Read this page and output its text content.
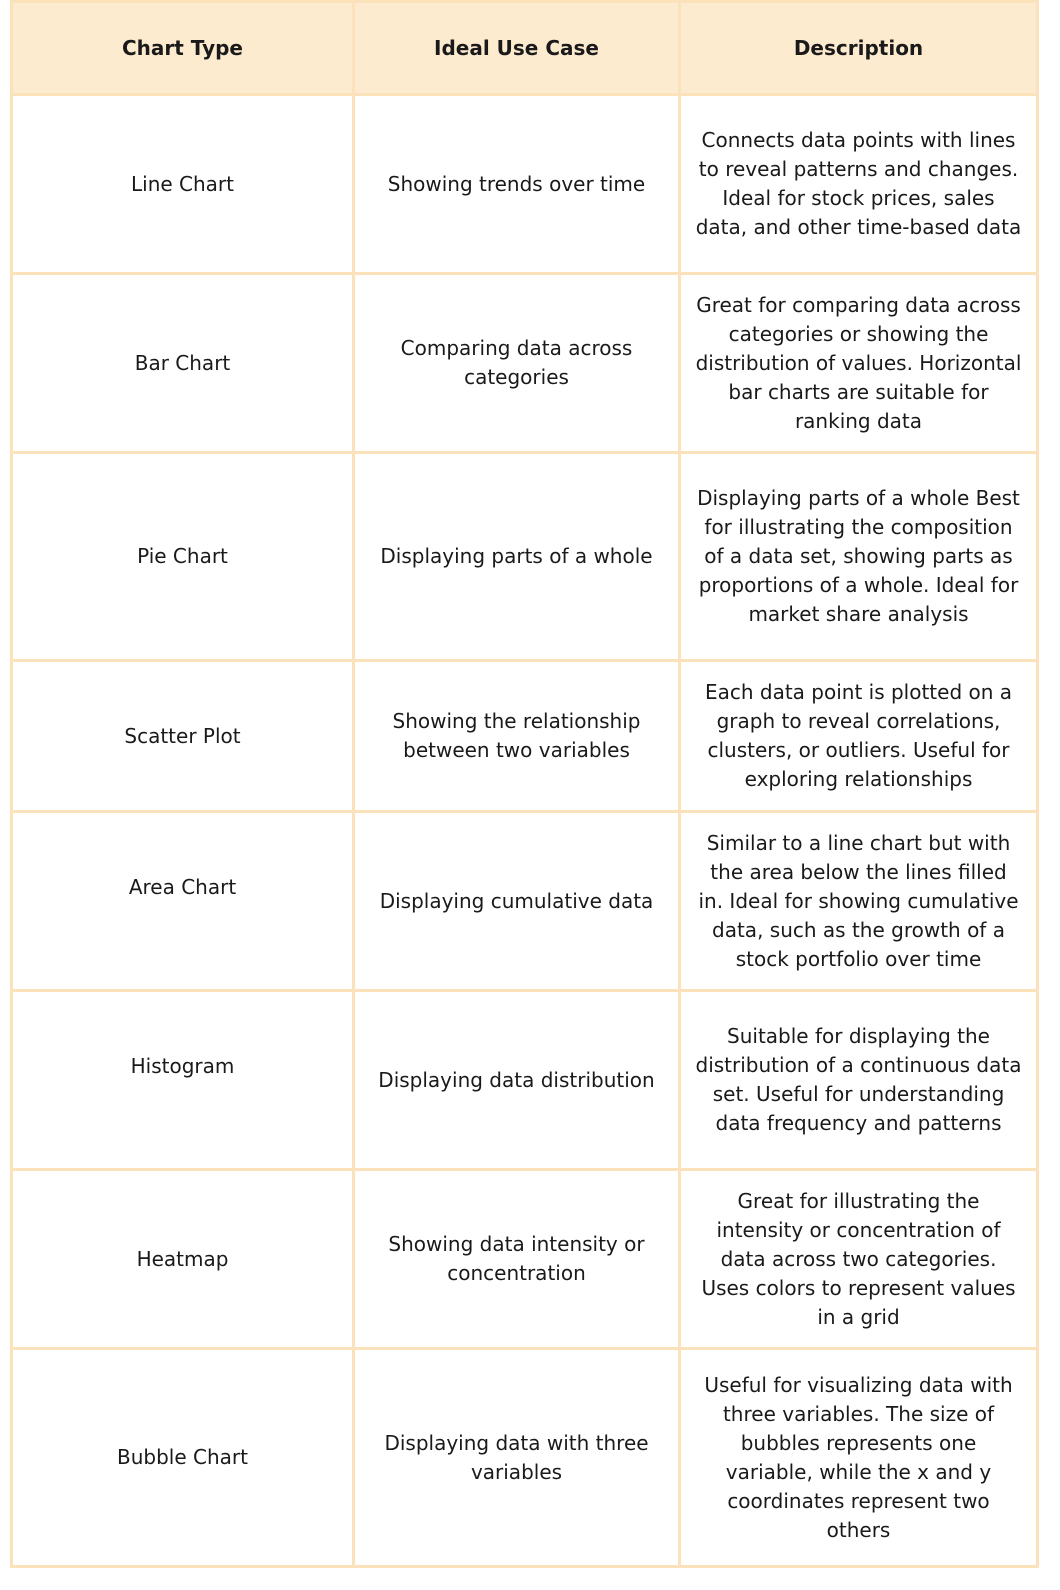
Chart Type	Ideal Use Case	Description
Line Chart	Showing trends over time	Connects data points with lines to reveal patterns and changes. Ideal for stock prices, sales data, and other time-based data
Bar Chart	Comparing data across categories	Great for comparing data across categories or showing the distribution of values. Horizontal bar charts are suitable for ranking data
Pie Chart	Displaying parts of a whole	Displaying parts of a whole Best for illustrating the composition of a data set, showing parts as proportions of a whole. Ideal for market share analysis
Scatter Plot	Showing the relationship between two variables	Each data point is plotted on a graph to reveal correlations, clusters, or outliers. Useful for exploring relationships
Area Chart	Displaying cumulative data	Similar to a line chart but with the area below the lines filled in. Ideal for showing cumulative data, such as the growth of a stock portfolio over time
Histogram	Displaying data distribution	Suitable for displaying the distribution of a continuous data set. Useful for understanding data frequency and patterns
Heatmap	Showing data intensity or concentration	Great for illustrating the intensity or concentration of data across two categories. Uses colors to represent values in a grid
Bubble Chart	Displaying data with three variables	Useful for visualizing data with three variables. The size of bubbles represents one variable, while the x and y coordinates represent two others
